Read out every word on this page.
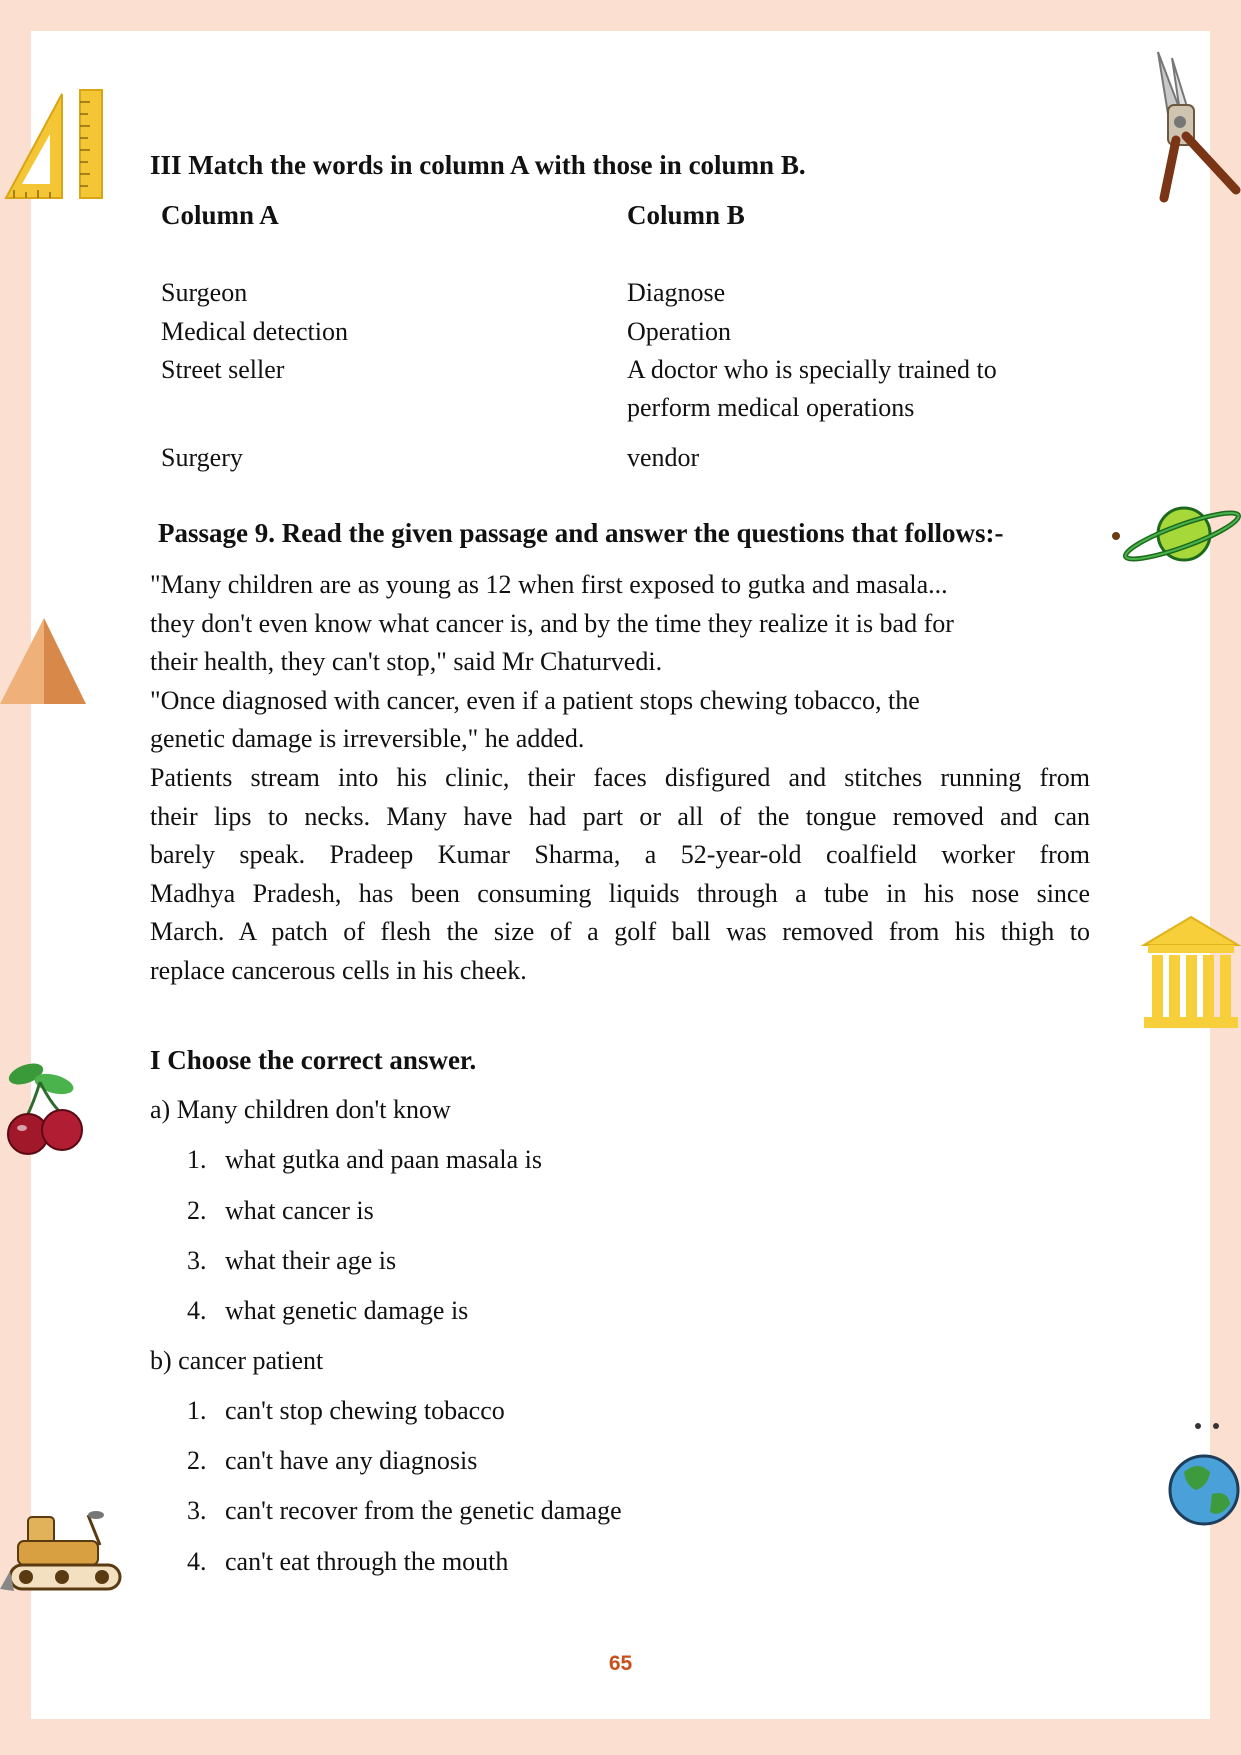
III Match the words in column A with those in column B.
Column A	Column B
Surgeon
Medical detection
Street seller
Surgery
Diagnose
Operation
A doctor who is specially trained to
perform medical operations
vendor
Passage 9. Read the given passage and answer the questions that follows:-
"Many children are as young as 12 when first exposed to gutka and masala...
they don't even know what cancer is, and by the time they realize it is bad for
their health, they can't stop," said Mr Chaturvedi.
"Once diagnosed with cancer, even if a patient stops chewing tobacco, the
genetic damage is irreversible," he added.
Patients stream into his clinic, their faces disfigured and stitches running from
their lips to necks. Many have had part or all of the tongue removed and can
barely speak. Pradeep Kumar Sharma, a 52-year-old coalfield worker from
Madhya Pradesh, has been consuming liquids through a tube in his nose since
March. A patch of flesh the size of a golf ball was removed from his thigh to
replace cancerous cells in his cheek.
I Choose the correct answer.
a) Many children don't know
1. what gutka and paan masala is
2. what cancer is
3. what their age is
4. what genetic damage is
b) cancer patient
1. can't stop chewing tobacco
2. can't have any diagnosis
3. can't recover from the genetic damage
4. can't eat through the mouth
65
